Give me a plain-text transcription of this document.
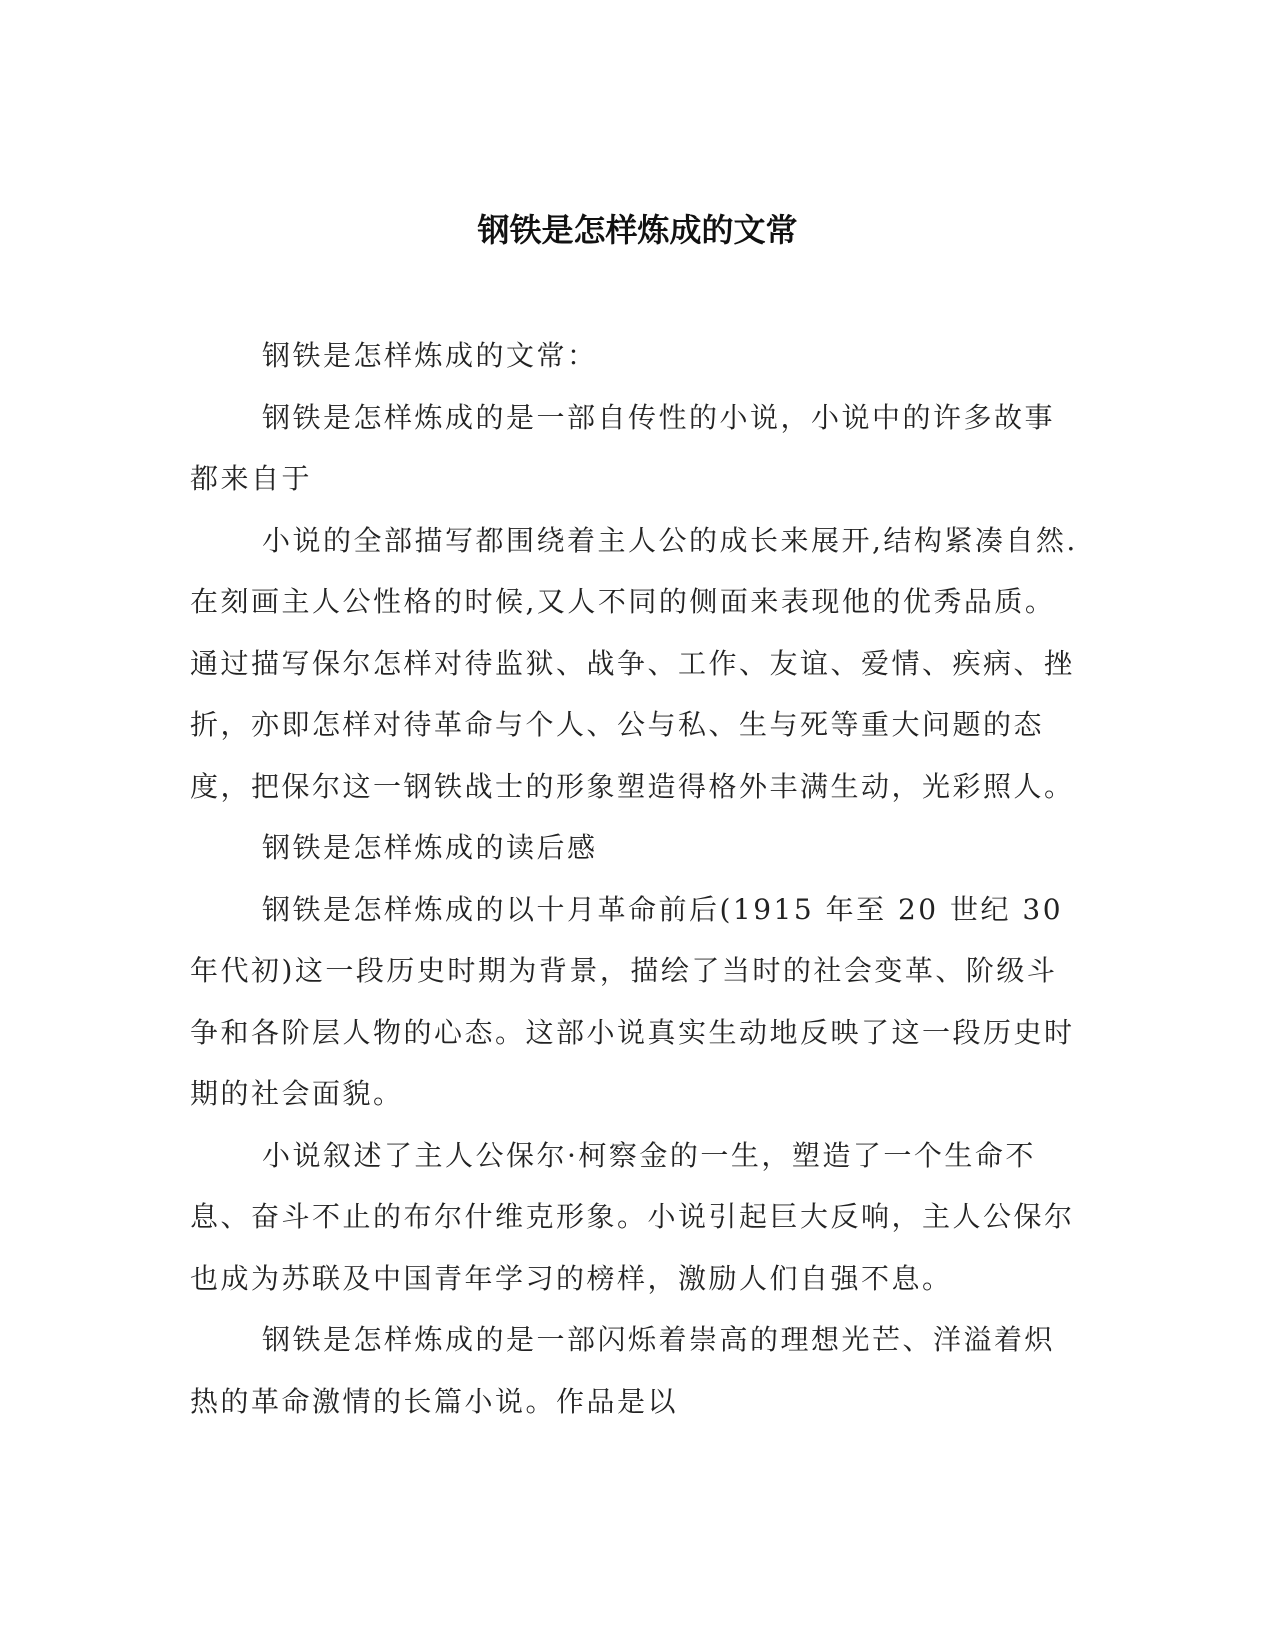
钢铁是怎样炼成的文常

钢铁是怎样炼成的文常：

钢铁是怎样炼成的是一部自传性的小说，小说中的许多故事都来自于

小说的全部描写都围绕着主人公的成长来展开,结构紧凑自然.在刻画主人公性格的时候,又人不同的侧面来表现他的优秀品质。通过描写保尔怎样对待监狱、战争、工作、友谊、爱情、疾病、挫折，亦即怎样对待革命与个人、公与私、生与死等重大问题的态度，把保尔这一钢铁战士的形象塑造得格外丰满生动，光彩照人。

钢铁是怎样炼成的读后感

钢铁是怎样炼成的以十月革命前后(1915 年至 20 世纪 30 年代初)这一段历史时期为背景，描绘了当时的社会变革、阶级斗争和各阶层人物的心态。这部小说真实生动地反映了这一段历史时期的社会面貌。

小说叙述了主人公保尔·柯察金的一生，塑造了一个生命不息、奋斗不止的布尔什维克形象。小说引起巨大反响，主人公保尔也成为苏联及中国青年学习的榜样，激励人们自强不息。

钢铁是怎样炼成的是一部闪烁着崇高的理想光芒、洋溢着炽热的革命激情的长篇小说。作品是以
